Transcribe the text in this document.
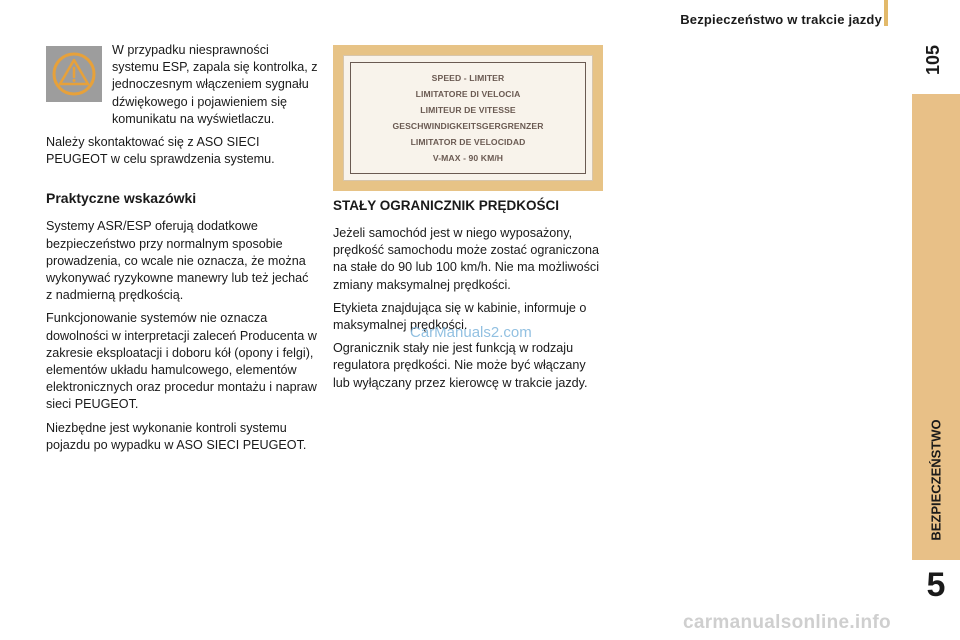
Bezpieczeństwo w trakcie jazdy
105
BEZPIECZEŃSTWO
5

W przypadku niesprawności systemu ESP, zapala się kontrolka, z jednoczesnym włączeniem sygnału dźwiękowego i pojawieniem się komunikatu na wyświetlaczu.

Należy skontaktować się z ASO SIECI PEUGEOT w celu sprawdzenia systemu.

Praktyczne wskazówki

Systemy ASR/ESP oferują dodatkowe bezpieczeństwo przy normalnym sposobie prowadzenia, co wcale nie oznacza, że można wykonywać ryzykowne manewry lub też jechać z nadmierną prędkością.

Funkcjonowanie systemów nie oznacza dowolności w interpretacji zaleceń Producenta w zakresie eksploatacji i doboru kół (opony i felgi), elementów układu hamulcowego, elementów elektronicznych oraz procedur montażu i napraw sieci PEUGEOT.

Niezbędne jest wykonanie kontroli systemu pojazdu po wypadku w ASO SIECI PEUGEOT.

SPEED - LIMITER
LIMITATORE DI VELOCIA
LIMITEUR DE VITESSE
GESCHWINDIGKEITSGERGRENZER
LIMITATOR DE VELOCIDAD
V-MAX - 90 KM/H
STAŁY OGRANICZNIK PRĘDKOŚCI

Jeżeli samochód jest w niego wyposażony, prędkość samochodu może zostać ograniczona na stałe do 90 lub 100 km/h. Nie ma możliwości zmiany maksymalnej prędkości.

Etykieta znajdująca się w kabinie, informuje o maksymalnej prędkości.

Ogranicznik stały nie jest funkcją w rodzaju regulatora prędkości. Nie może być włączany lub wyłączany przez kierowcę w trakcie jazdy.

CarManuals2.com
carmanualsonline.info
